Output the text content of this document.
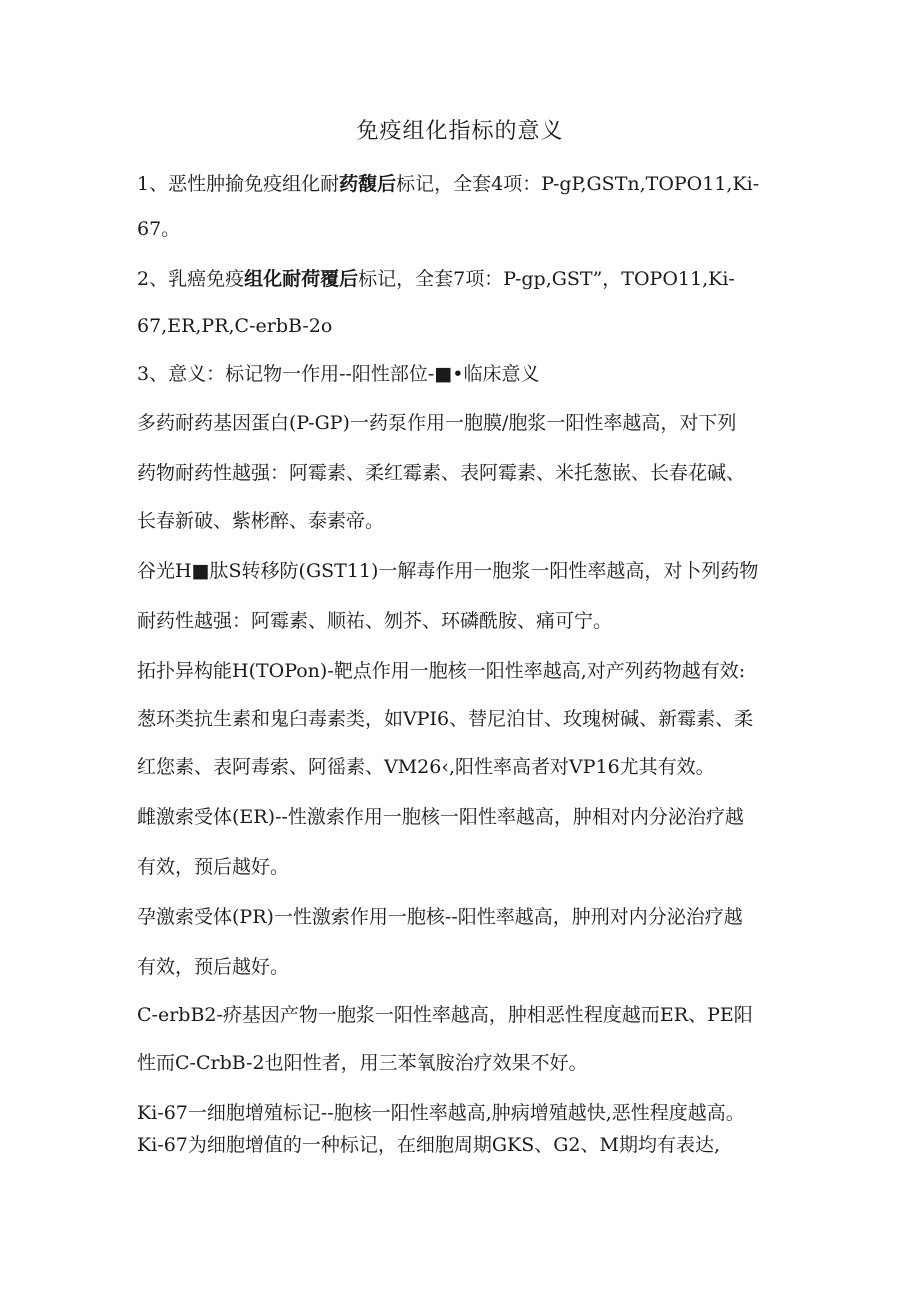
免疫组化指标的意义

1、恶性肿揄免疫组化耐药馥后标记，全套4项：P-gP,GSTn,TOPO11,Ki-

67。

2、乳癌免疫组化耐荷覆后标记，全套7项：P-gp,GST”，TOPO11,Ki-

67,ER,PR,C-erbB-2o

3、意义：标记物一作用--阳性部位-■•临床意义

多药耐药基因蛋白(P-GP)一药泵作用一胞膜/胞浆一阳性率越高，对下列

药物耐药性越强：阿霉素、柔红霉素、表阿霉素、米托葱嵌、长春花碱、

长春新破、紫彬醉、泰素帝。

谷光H■肽S转移防(GST11)一解毒作用一胞浆一阳性率越高，对卜列药物

耐药性越强：阿霉素、顺祐、刎芥、环磷酰胺、痛可宁。

拓扑异构能H(TOPon)-靶点作用一胞核一阳性率越高,对产列药物越有效:

葱环类抗生素和鬼臼毒素类，如VPI6、替尼泊甘、玫瑰树碱、新霉素、柔

红您素、表阿毒索、阿徭素、VM26‹,阳性率高者对VP16尤其有效。

雌激索受体(ER)--性激索作用一胞核一阳性率越高，肿相对内分泌治疗越

有效，预后越好。

孕激索受体(PR)一性激索作用一胞核--阳性率越高，肿刑对内分泌治疗越

有效，预后越好。

C-erbB2-疥基因产物一胞浆一阳性率越高，肿相恶性程度越而ER、PE阳

性而C-CrbB-2也阳性者，用三苯氧胺治疗效果不好。

Ki-67一细胞增殖标记--胞核一阳性率越高,肿病增殖越快,恶性程度越高。

Ki-67为细胞增值的一种标记，在细胞周期GKS、G2、M期均有表达,
